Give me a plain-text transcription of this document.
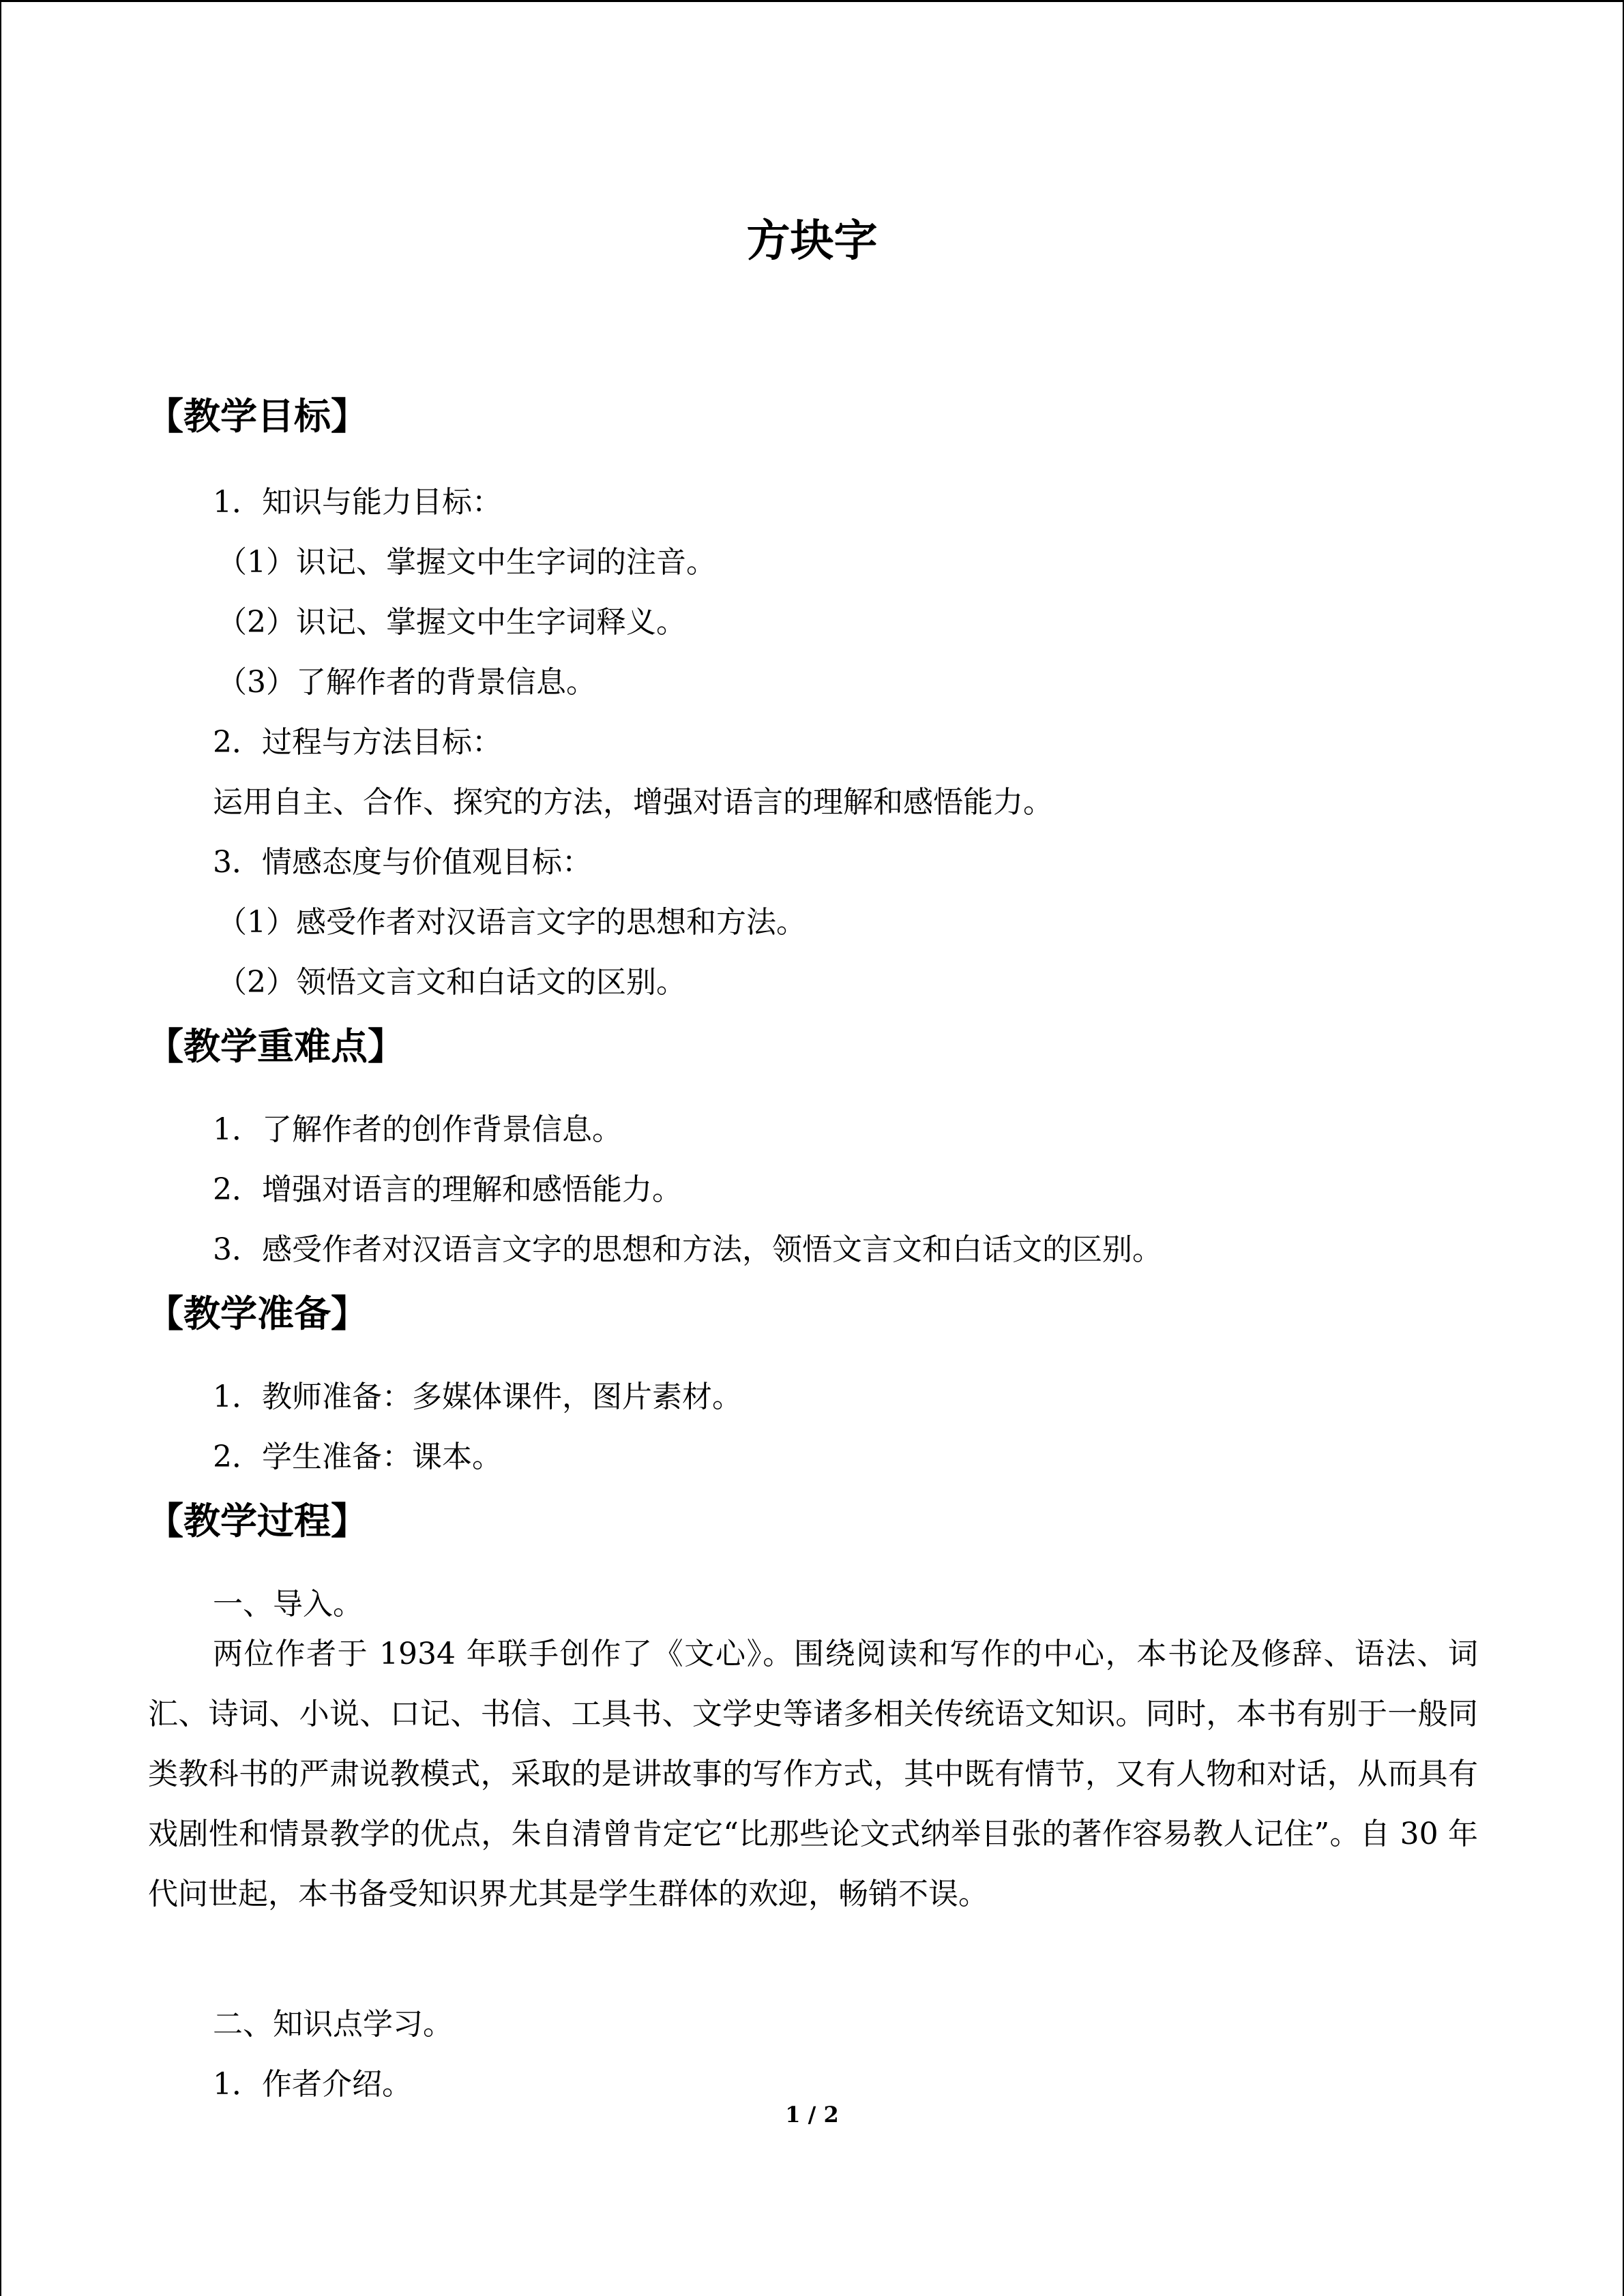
方块字
【教学目标】
1．知识与能力目标：
（1）识记、掌握文中生字词的注音。
（2）识记、掌握文中生字词释义。
（3）了解作者的背景信息。
2．过程与方法目标：
运用自主、合作、探究的方法，增强对语言的理解和感悟能力。
3．情感态度与价值观目标：
（1）感受作者对汉语言文字的思想和方法。
（2）领悟文言文和白话文的区别。
【教学重难点】
1．了解作者的创作背景信息。
2．增强对语言的理解和感悟能力。
3．感受作者对汉语言文字的思想和方法，领悟文言文和白话文的区别。
【教学准备】
1．教师准备：多媒体课件，图片素材。
2．学生准备：课本。
【教学过程】
一、导入。
两位作者于 1934 年联手创作了《文心》。围绕阅读和写作的中心，本书论及修辞、语法、词汇、诗词、小说、口记、书信、工具书、文学史等诸多相关传统语文知识。同时，本书有别于一般同类教科书的严肃说教模式，采取的是讲故事的写作方式，其中既有情节，又有人物和对话，从而具有戏剧性和情景教学的优点，朱自清曾肯定它“比那些论文式纳举目张的著作容易教人记住”。自 30 年代问世起，本书备受知识界尤其是学生群体的欢迎，畅销不误。
二、知识点学习。
1．作者介绍。
1 / 2
